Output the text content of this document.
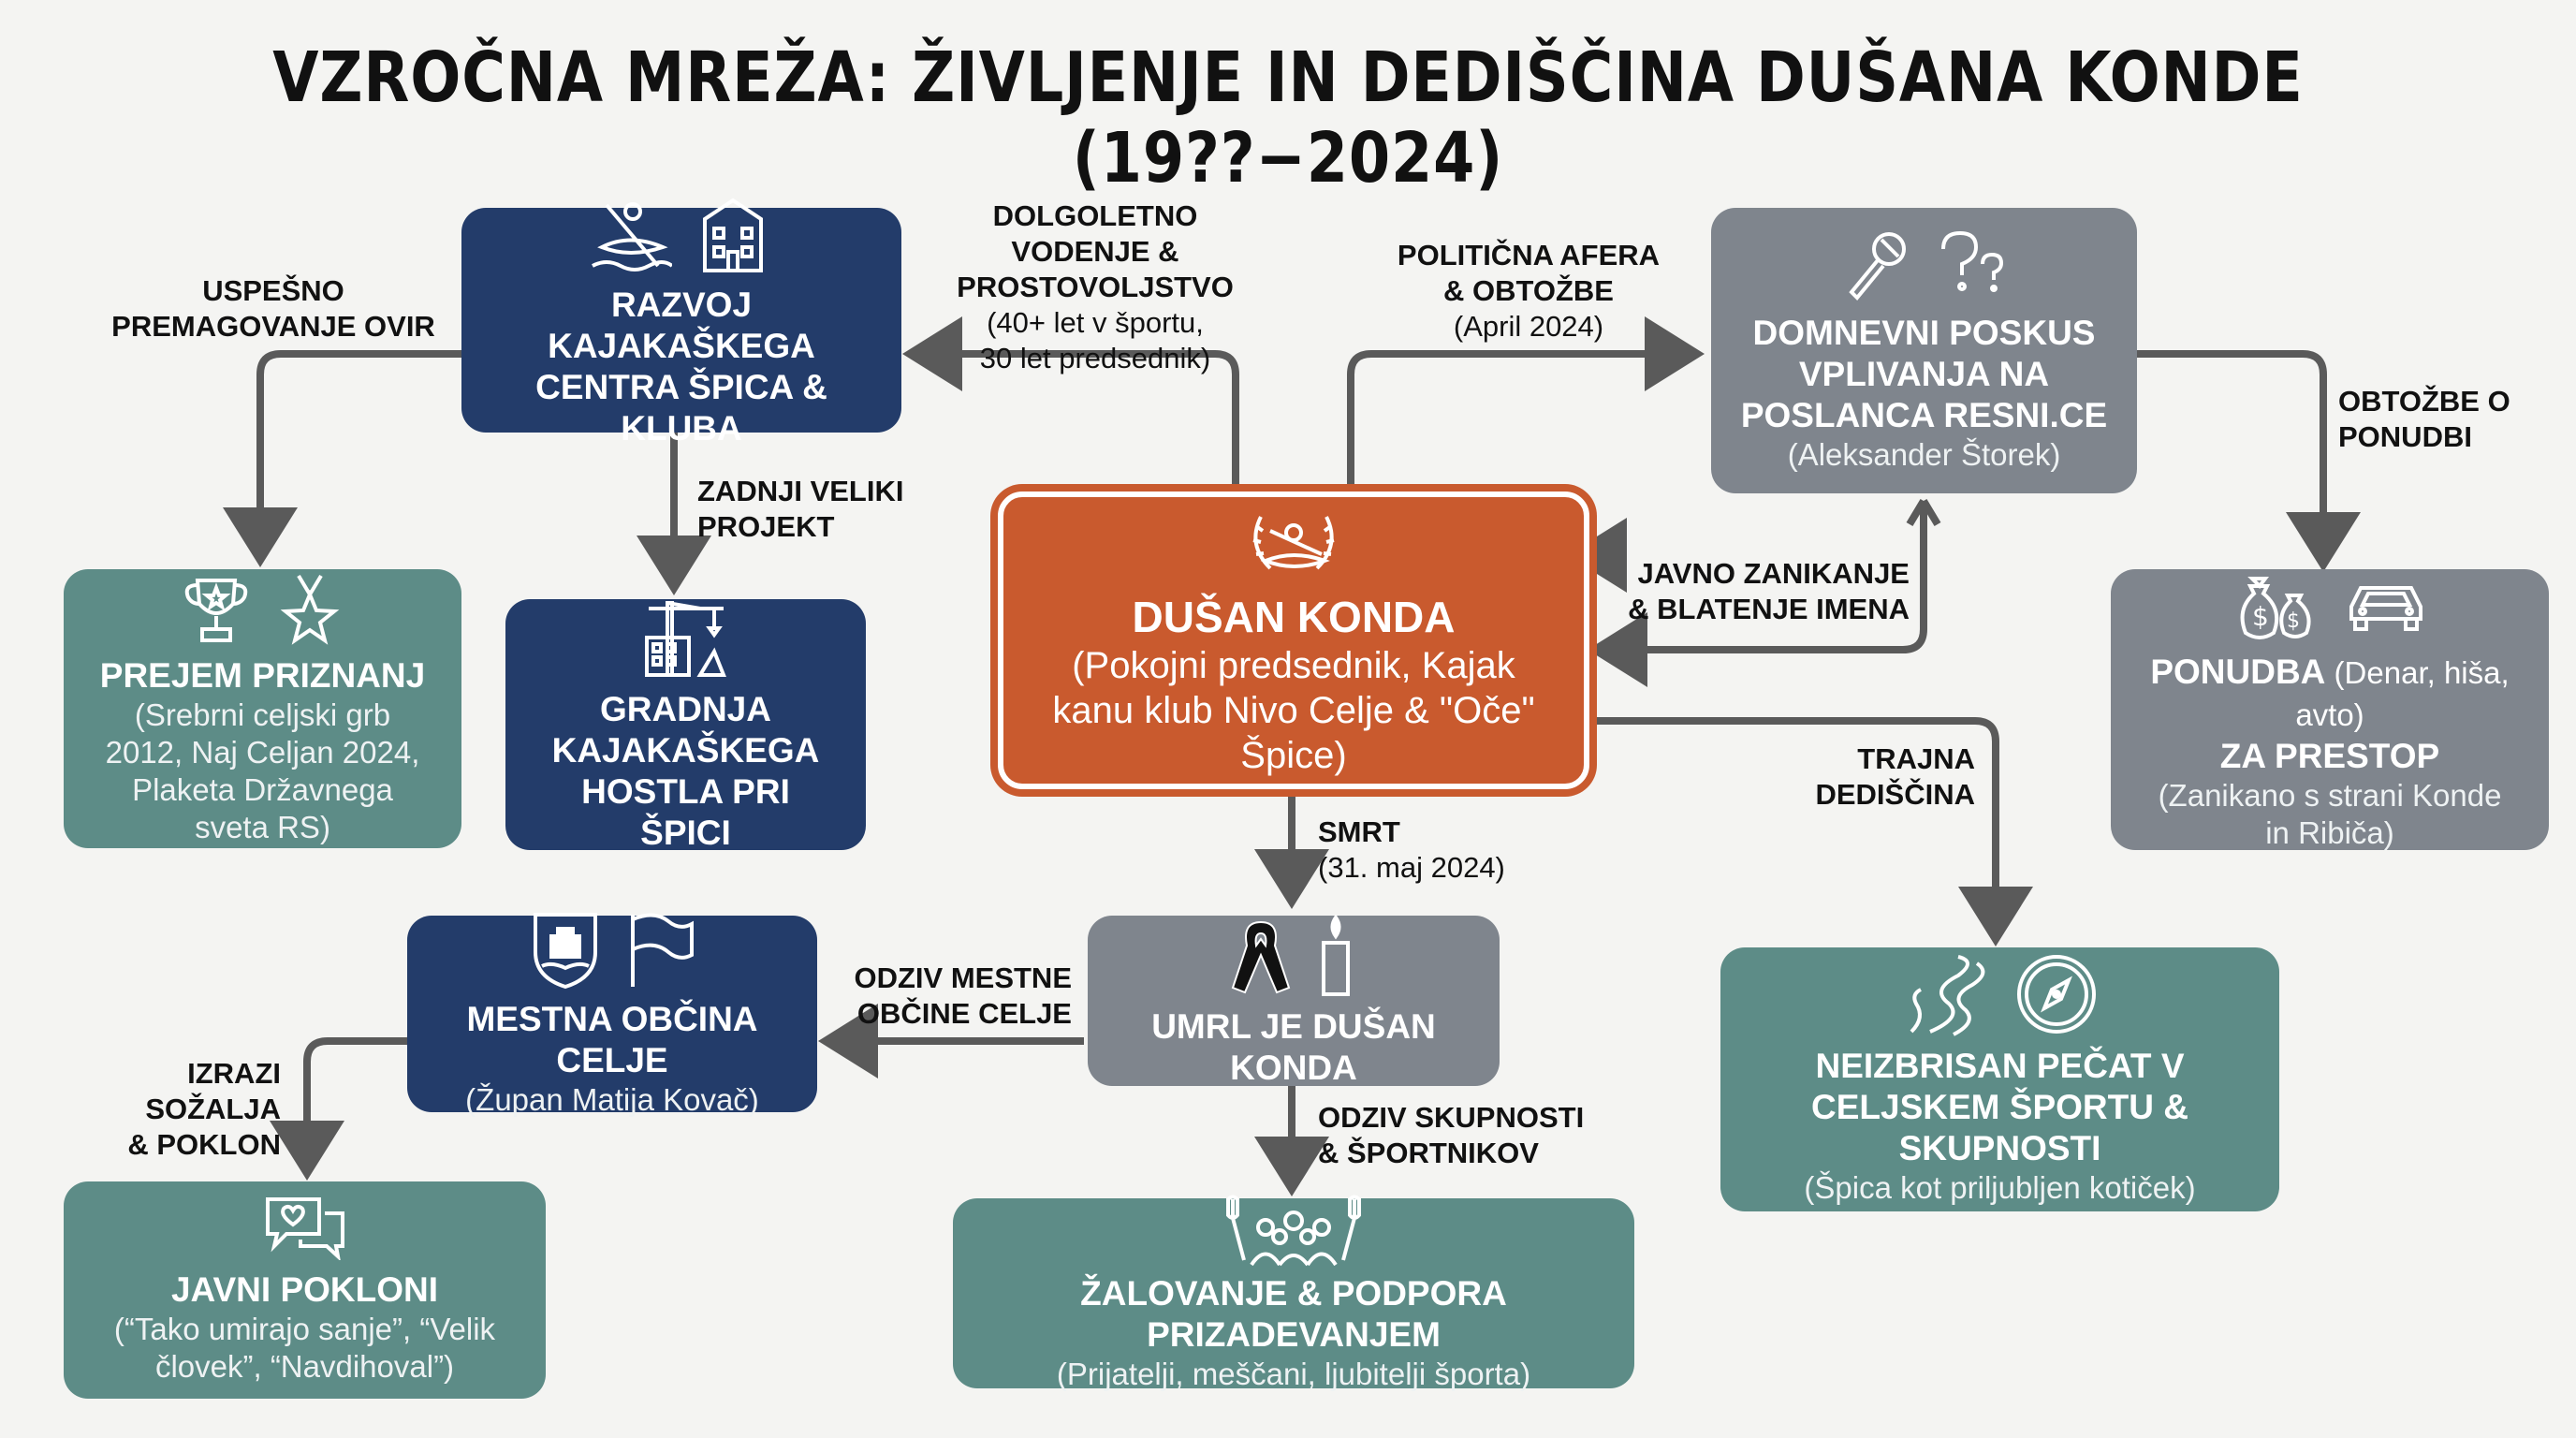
VZROČNA MREŽA: ŽIVLJENJE IN DEDIŠČINA DUŠANA KONDE (19??−2024)
RAZVOJ KAJAKAŠKEGA CENTRA ŠPICA & KLUBA
PREJEM PRIZNANJ
(Srebrni celjski grb 2012, Naj Celjan 2024, Plaketa Državnega sveta RS)
GRADNJA KAJAKAŠKEGA HOSTLA PRI ŠPICI
DUŠAN KONDA
(Pokojni predsednik, Kajak kanu klub Nivo Celje & "Oče" Špice)
DOMNEVNI POSKUS VPLIVANJA NA POSLANCA RESNI.CE
(Aleksander Štorek)
$ $
PONUDBA (Denar, hiša, avto)
ZA PRESTOP
(Zanikano s strani Konde in Ribiča)
UMRL JE DUŠAN KONDA
MESTNA OBČINA CELJE
(Župan Matija Kovač)
JAVNI POKLONI
(“Tako umirajo sanje”, “Velik človek”, “Navdihoval”)
ŽALOVANJE & PODPORA PRIZADEVANJEM
(Prijatelji, meščani, ljubitelji športa)
NEIZBRISAN PEČAT V CELJSKEM ŠPORTU & SKUPNOSTI
(Špica kot priljubljen kotiček)
DOLGOLETNO VODENJE & PROSTOVOLJSTVO
(40+ let v športu,
30 let predsednik)
USPEŠNO
PREMAGOVANJE OVIR
ZADNJI VELIKI
PROJEKT
POLITIČNA AFERA
& OBTOŽBE
(April 2024)
OBTOŽBE O
PONUDBI
JAVNO ZANIKANJE
& BLATENJE IMENA
TRAJNA
DEDIŠČINA
SMRT
(31. maj 2024)
ODZIV MESTNE
OBČINE CELJE
IZRAZI
SOŽALJA
& POKLON
ODZIV SKUPNOSTI
& ŠPORTNIKOV
